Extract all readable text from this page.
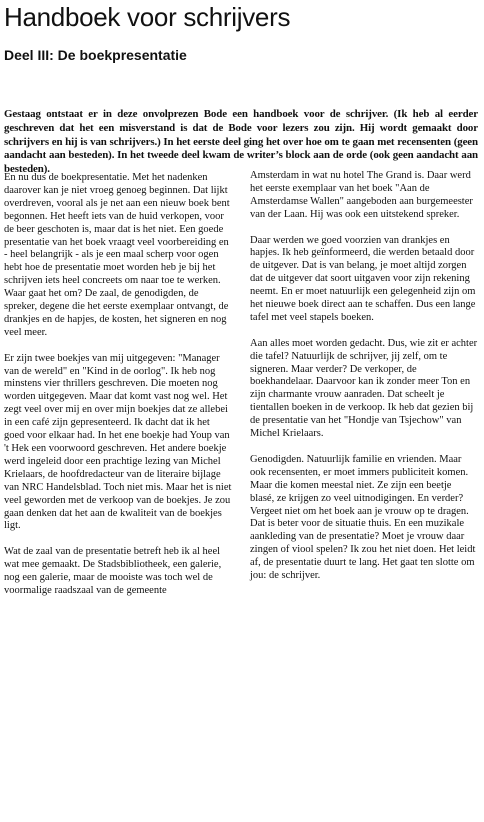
Handboek voor schrijvers
Deel III: De boekpresentatie

Gestaag ontstaat er in deze onvolprezen Bode een handboek voor de schrijver. (Ik heb al eerder geschreven dat het een misverstand is dat de Bode voor lezers zou zijn. Hij wordt gemaakt door schrijvers en hij is van schrijvers.) In het eerste deel ging het over hoe om te gaan met recensenten (geen aandacht aan besteden). In het tweede deel kwam de writer’s block aan de orde (ook geen aandacht aan besteden).

En nu dus de boekpresentatie. Met het nadenken daarover kan je niet vroeg genoeg beginnen. Dat lijkt overdreven, vooral als je net aan een nieuw boek bent begonnen. Het heeft iets van de huid verkopen, voor de beer geschoten is, maar dat is het niet. Een goede presentatie van het boek vraagt veel voorbereiding en - heel belangrijk - als je een maal scherp voor ogen hebt hoe de presentatie moet worden heb je bij het schrijven iets heel concreets om naar toe te werken. Waar gaat het om? De zaal, de genodigden, de spreker, degene die het eerste exemplaar ontvangt, de drankjes en de hapjes, de kosten, het signeren en nog veel meer.

Er zijn twee boekjes van mij uitgegeven: "Manager van de wereld" en "Kind in de oorlog". Ik heb nog minstens vier thrillers geschreven. Die moeten nog worden uitgegeven. Maar dat komt vast nog wel. Het zegt veel over mij en over mijn boekjes dat ze allebei in een café zijn gepresenteerd. Ik dacht dat ik het goed voor elkaar had. In het ene boekje had Youp van 't Hek een voorwoord geschreven. Het andere boekje werd ingeleid door een prachtige lezing van Michel Krielaars, de hoofdredacteur van de literaire bijlage van NRC Handelsblad. Toch niet mis. Maar het is niet veel geworden met de verkoop van de boekjes. Je zou gaan denken dat het aan de kwaliteit van de boekjes ligt.

Wat de zaal van de presentatie betreft heb ik al heel wat mee gemaakt. De Stadsbibliotheek, een galerie, nog een galerie, maar de mooiste was toch wel de voormalige raadszaal van de gemeente

Amsterdam in wat nu hotel The Grand is. Daar werd het eerste exemplaar van het boek "Aan de Amsterdamse Wallen" aangeboden aan burgemeester van der Laan. Hij was ook een uitstekend spreker.

Daar werden we goed voorzien van drankjes en hapjes. Ik heb geïnformeerd, die werden betaald door de uitgever. Dat is van belang, je moet altijd zorgen dat de uitgever dat soort uitgaven voor zijn rekening neemt. En er moet natuurlijk een gelegenheid zijn om het nieuwe boek direct aan te schaffen. Dus een lange tafel met veel stapels boeken.

Aan alles moet worden gedacht. Dus, wie zit er achter die tafel? Natuurlijk de schrijver, jij zelf, om te signeren. Maar verder? De verkoper, de boekhandelaar. Daarvoor kan ik zonder meer Ton en zijn charmante vrouw aanraden. Dat scheelt je tientallen boeken in de verkoop. Ik heb dat gezien bij de presentatie van het "Hondje van Tsjechow" van Michel Krielaars.

Genodigden. Natuurlijk familie en vrienden. Maar ook recensenten, er moet immers publiciteit komen. Maar die komen meestal niet. Ze zijn een beetje blasé, ze krijgen zo veel uitnodigingen. En verder? Vergeet niet om het boek aan je vrouw op te dragen. Dat is beter voor de situatie thuis. En een muzikale aankleding van de presentatie? Moet je vrouw daar zingen of viool spelen? Ik zou het niet doen. Het leidt af, de presentatie duurt te lang. Het gaat ten slotte om jou: de schrijver.
